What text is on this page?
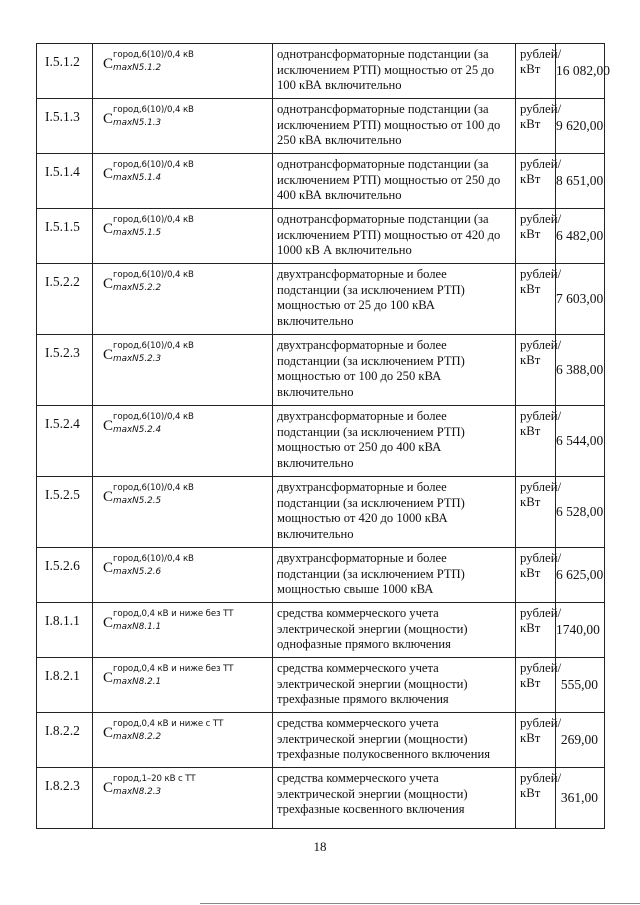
I.5.1.2	C
город,6(10)/0,4 кВ
maxN5.1.2	однотрансформаторные подстанции (за исключением РТП) мощностью от 25 до 100 кВА включительно	рублей/ кВт	16 082,00
I.5.1.3	C
город,6(10)/0,4 кВ
maxN5.1.3	однотрансформаторные подстанции (за исключением РТП) мощностью от 100 до 250 кВА включительно	рублей/ кВт	9 620,00
I.5.1.4	C
город,6(10)/0,4 кВ
maxN5.1.4	однотрансформаторные подстанции (за исключением РТП) мощностью от 250 до 400 кВА включительно	рублей/ кВт	8 651,00
I.5.1.5	C
город,6(10)/0,4 кВ
maxN5.1.5	однотрансформаторные подстанции (за исключением РТП) мощностью от 420 до 1000 кВ А включительно	рублей/ кВт	6 482,00
I.5.2.2	C
город,6(10)/0,4 кВ
maxN5.2.2	двухтрансформаторные и более подстанции (за исключением РТП) мощностью от 25 до 100 кВА включительно	рублей/ кВт	7 603,00
I.5.2.3	C
город,6(10)/0,4 кВ
maxN5.2.3	двухтрансформаторные и более подстанции (за исключением РТП) мощностью от 100 до 250 кВА включительно	рублей/ кВт	6 388,00
I.5.2.4	C
город,6(10)/0,4 кВ
maxN5.2.4	двухтрансформаторные и более подстанции (за исключением РТП) мощностью от 250 до 400 кВА включительно	рублей/ кВт	6 544,00
I.5.2.5	C
город,6(10)/0,4 кВ
maxN5.2.5	двухтрансформаторные и более подстанции (за исключением РТП) мощностью от 420 до 1000 кВА включительно	рублей/ кВт	6 528,00
I.5.2.6	C
город,6(10)/0,4 кВ
maxN5.2.6	двухтрансформаторные и более подстанции (за исключением РТП) мощностью свыше 1000 кВА	рублей/ кВт	6 625,00
I.8.1.1	C
город,0,4 кВ и ниже без ТТ
maxN8.1.1	средства коммерческого учета электрической энергии (мощности) однофазные прямого включения	рублей/ кВт	1740,00
I.8.2.1	C
город,0,4 кВ и ниже без ТТ
maxN8.2.1	средства коммерческого учета электрической энергии (мощности) трехфазные прямого включения	рублей/ кВт	555,00
I.8.2.2	C
город,0,4 кВ и ниже с ТТ
maxN8.2.2	средства коммерческого учета электрической энергии (мощности) трехфазные полукосвенного включения	рублей/ кВт	269,00
I.8.2.3	C
город,1–20 кВ с ТТ
maxN8.2.3	средства коммерческого учета электрической энергии (мощности) трехфазные косвенного включения	рублей/ кВт	361,00
18
